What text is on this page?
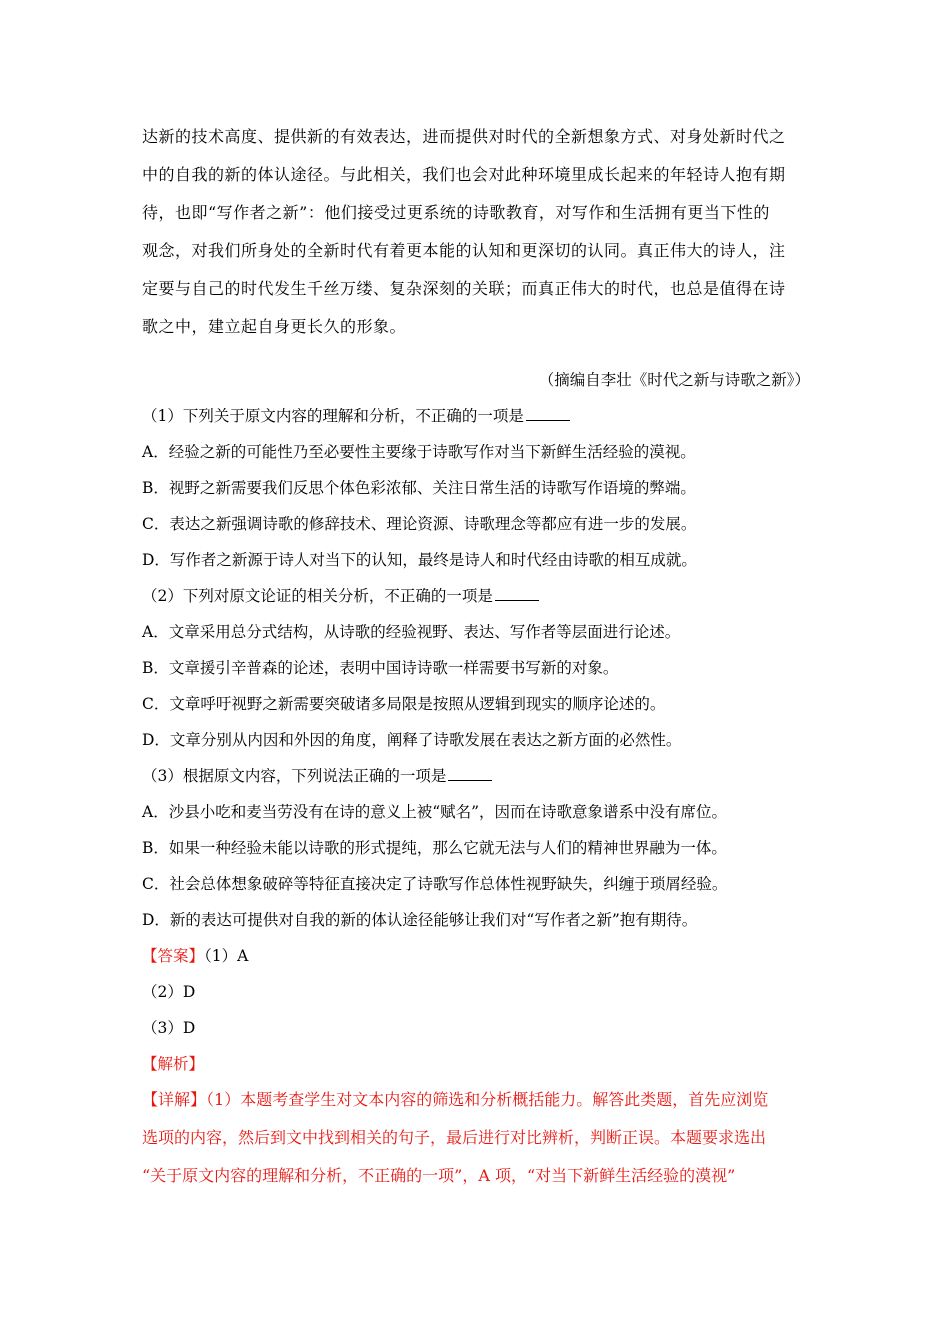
达新的技术高度、提供新的有效表达，进而提供对时代的全新想象方式、对身处新时代之
中的自我的新的体认途径。与此相关，我们也会对此种环境里成长起来的年轻诗人抱有期
待，也即“写作者之新”：他们接受过更系统的诗歌教育，对写作和生活拥有更当下性的
观念，对我们所身处的全新时代有着更本能的认知和更深切的认同。真正伟大的诗人，注
定要与自己的时代发生千丝万缕、复杂深刻的关联；而真正伟大的时代，也总是值得在诗
歌之中，建立起自身更长久的形象。
（摘编自李壮《时代之新与诗歌之新》）
（1）下列关于原文内容的理解和分析，不正确的一项是
A．经验之新的可能性乃至必要性主要缘于诗歌写作对当下新鲜生活经验的漠视。
B．视野之新需要我们反思个体色彩浓郁、关注日常生活的诗歌写作语境的弊端。
C．表达之新强调诗歌的修辞技术、理论资源、诗歌理念等都应有进一步的发展。
D．写作者之新源于诗人对当下的认知，最终是诗人和时代经由诗歌的相互成就。
（2）下列对原文论证的相关分析，不正确的一项是
A．文章采用总分式结构，从诗歌的经验视野、表达、写作者等层面进行论述。
B．文章援引辛普森的论述，表明中国诗诗歌一样需要书写新的对象。
C．文章呼吁视野之新需要突破诸多局限是按照从逻辑到现实的顺序论述的。
D．文章分别从内因和外因的角度，阐释了诗歌发展在表达之新方面的必然性。
（3）根据原文内容，下列说法正确的一项是
A．沙县小吃和麦当劳没有在诗的意义上被“赋名”，因而在诗歌意象谱系中没有席位。
B．如果一种经验未能以诗歌的形式提纯，那么它就无法与人们的精神世界融为一体。
C．社会总体想象破碎等特征直接决定了诗歌写作总体性视野缺失，纠缠于琐屑经验。
D．新的表达可提供对自我的新的体认途径能够让我们对“写作者之新”抱有期待。
【答案】（1）A
（2）D
（3）D
【解析】
【详解】（1）本题考查学生对文本内容的筛选和分析概括能力。解答此类题，首先应浏览
选项的内容，然后到文中找到相关的句子，最后进行对比辨析，判断正误。本题要求选出
“关于原文内容的理解和分析，不正确的一项”，A 项，“对当下新鲜生活经验的漠视”
